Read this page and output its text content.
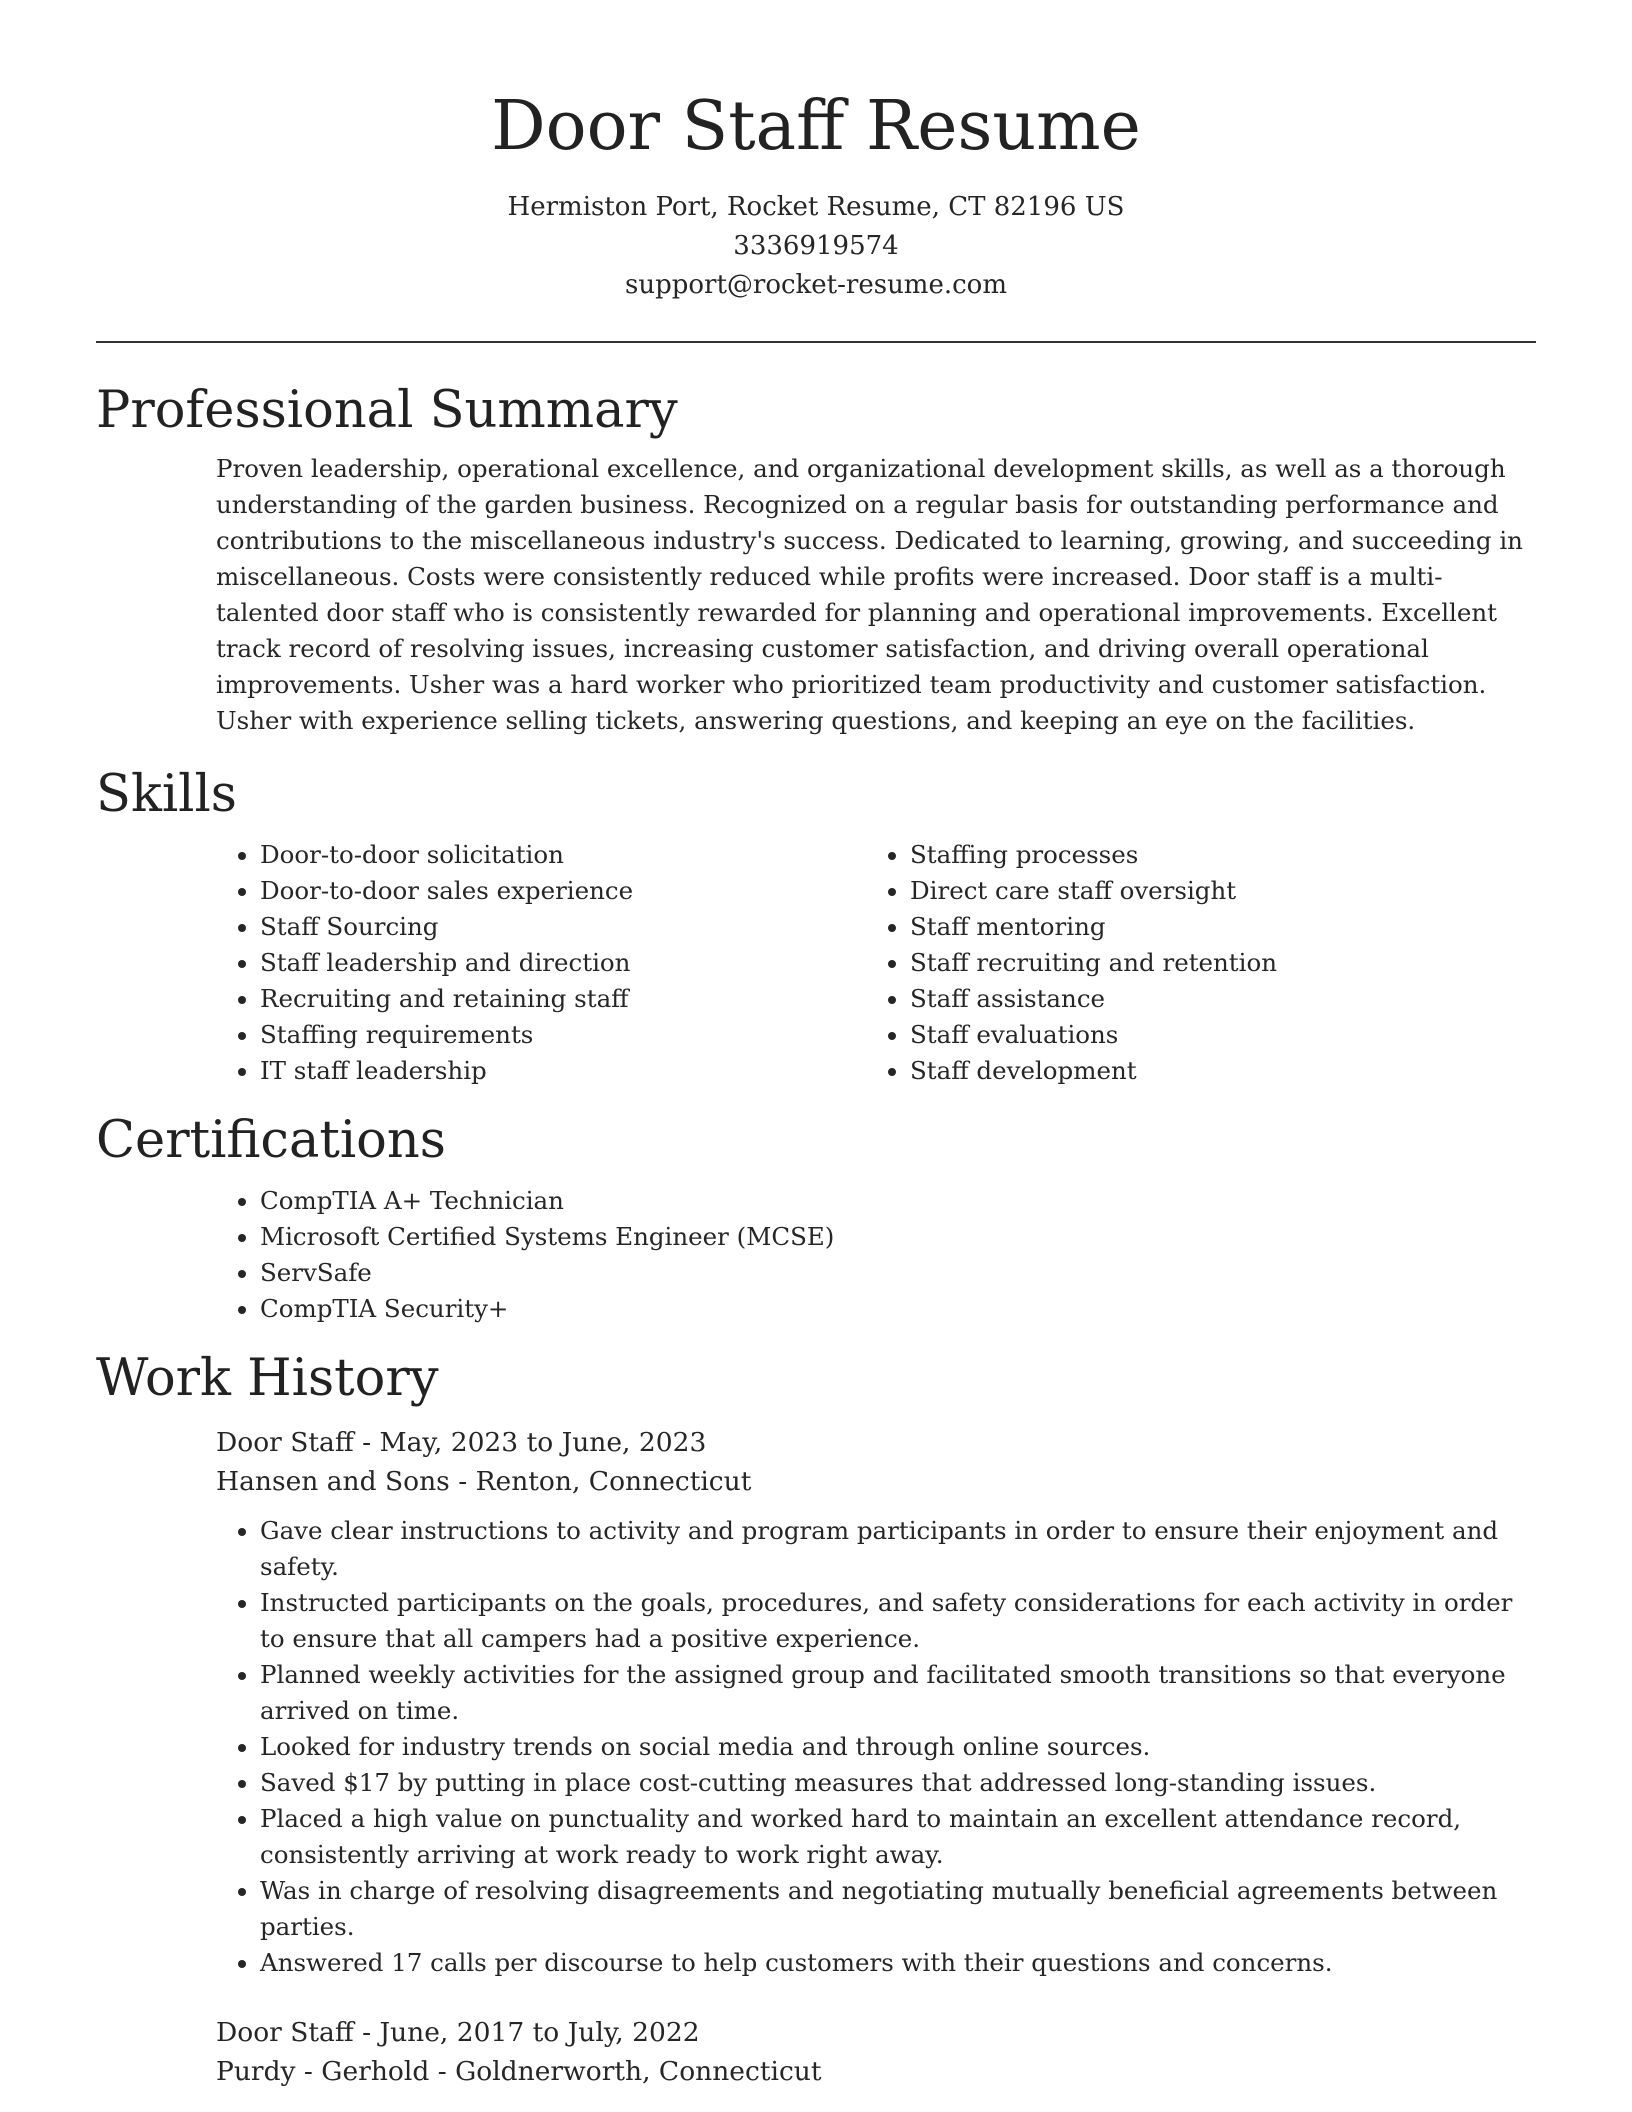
Door Staff Resume

Hermiston Port, Rocket Resume, CT 82196 US

3336919574

support@rocket-resume.com

Professional Summary

Proven leadership, operational excellence, and organizational development skills, as well as a thorough understanding of the garden business. Recognized on a regular basis for outstanding performance and contributions to the miscellaneous industry's success. Dedicated to learning, growing, and succeeding in miscellaneous. Costs were consistently reduced while profits were increased. Door staff is a multi-talented door staff who is consistently rewarded for planning and operational improvements. Excellent track record of resolving issues, increasing customer satisfaction, and driving overall operational improvements. Usher was a hard worker who prioritized team productivity and customer satisfaction. Usher with experience selling tickets, answering questions, and keeping an eye on the facilities.

Skills
• Door-to-door solicitation
• Door-to-door sales experience
• Staff Sourcing
• Staff leadership and direction
• Recruiting and retaining staff
• Staffing requirements
• IT staff leadership
• Staffing processes
• Direct care staff oversight
• Staff mentoring
• Staff recruiting and retention
• Staff assistance
• Staff evaluations
• Staff development
Certifications
• CompTIA A+ Technician
• Microsoft Certified Systems Engineer (MCSE)
• ServSafe
• CompTIA Security+
Work History

Door Staff - May, 2023 to June, 2023

Hansen and Sons - Renton, Connecticut

• Gave clear instructions to activity and program participants in order to ensure their enjoyment and safety.
• Instructed participants on the goals, procedures, and safety considerations for each activity in order to ensure that all campers had a positive experience.
• Planned weekly activities for the assigned group and facilitated smooth transitions so that everyone arrived on time.
• Looked for industry trends on social media and through online sources.
• Saved $17 by putting in place cost-cutting measures that addressed long-standing issues.
• Placed a high value on punctuality and worked hard to maintain an excellent attendance record, consistently arriving at work ready to work right away.
• Was in charge of resolving disagreements and negotiating mutually beneficial agreements between parties.
• Answered 17 calls per discourse to help customers with their questions and concerns.

Door Staff - June, 2017 to July, 2022

Purdy - Gerhold - Goldnerworth, Connecticut
